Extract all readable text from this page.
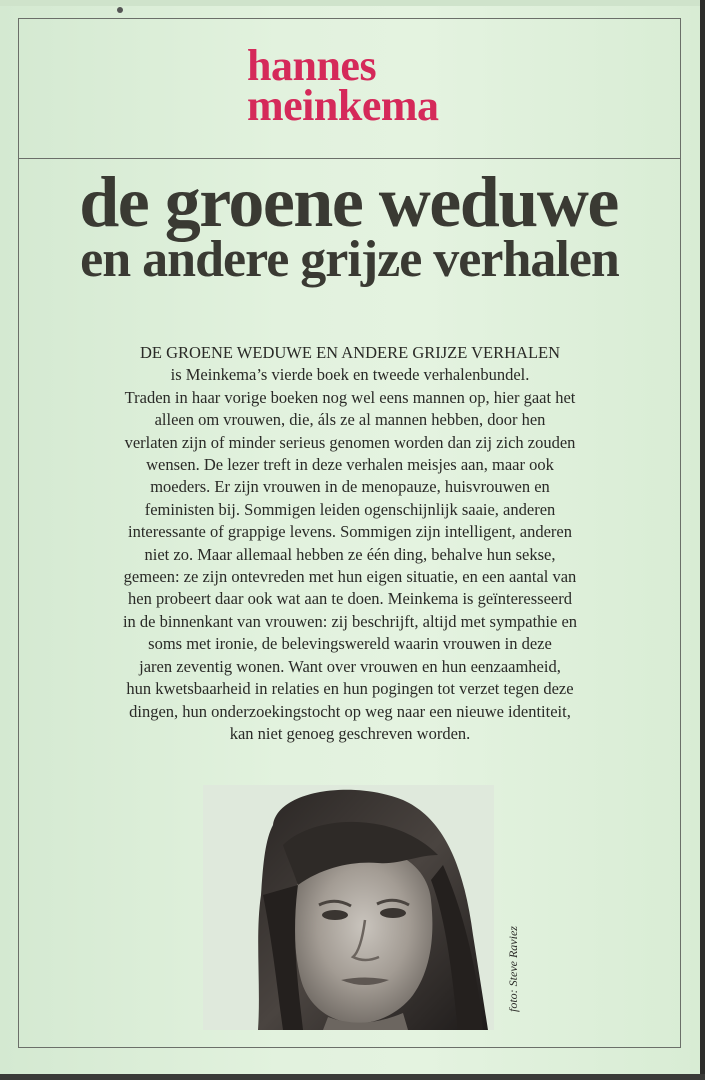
hannes
meinkema
de groene weduwe
en andere grijze verhalen
DE GROENE WEDUWE EN ANDERE GRIJZE VERHALEN
is Meinkema’s vierde boek en tweede verhalenbundel.
Traden in haar vorige boeken nog wel eens mannen op, hier gaat het
alleen om vrouwen, die, áls ze al mannen hebben, door hen
verlaten zijn of minder serieus genomen worden dan zij zich zouden
wensen. De lezer treft in deze verhalen meisjes aan, maar ook
moeders. Er zijn vrouwen in de menopauze, huisvrouwen en
feministen bij. Sommigen leiden ogenschijnlijk saaie, anderen
interessante of grappige levens. Sommigen zijn intelligent, anderen
niet zo. Maar allemaal hebben ze één ding, behalve hun sekse,
gemeen: ze zijn ontevreden met hun eigen situatie, en een aantal van
hen probeert daar ook wat aan te doen. Meinkema is geïnteresseerd
in de binnenkant van vrouwen: zij beschrijft, altijd met sympathie en
soms met ironie, de belevingswereld waarin vrouwen in deze
jaren zeventig wonen. Want over vrouwen en hun eenzaamheid,
hun kwetsbaarheid in relaties en hun pogingen tot verzet tegen deze
dingen, hun onderzoekingstocht op weg naar een nieuwe identiteit,
kan niet genoeg geschreven worden.
foto: Steve Raviez
